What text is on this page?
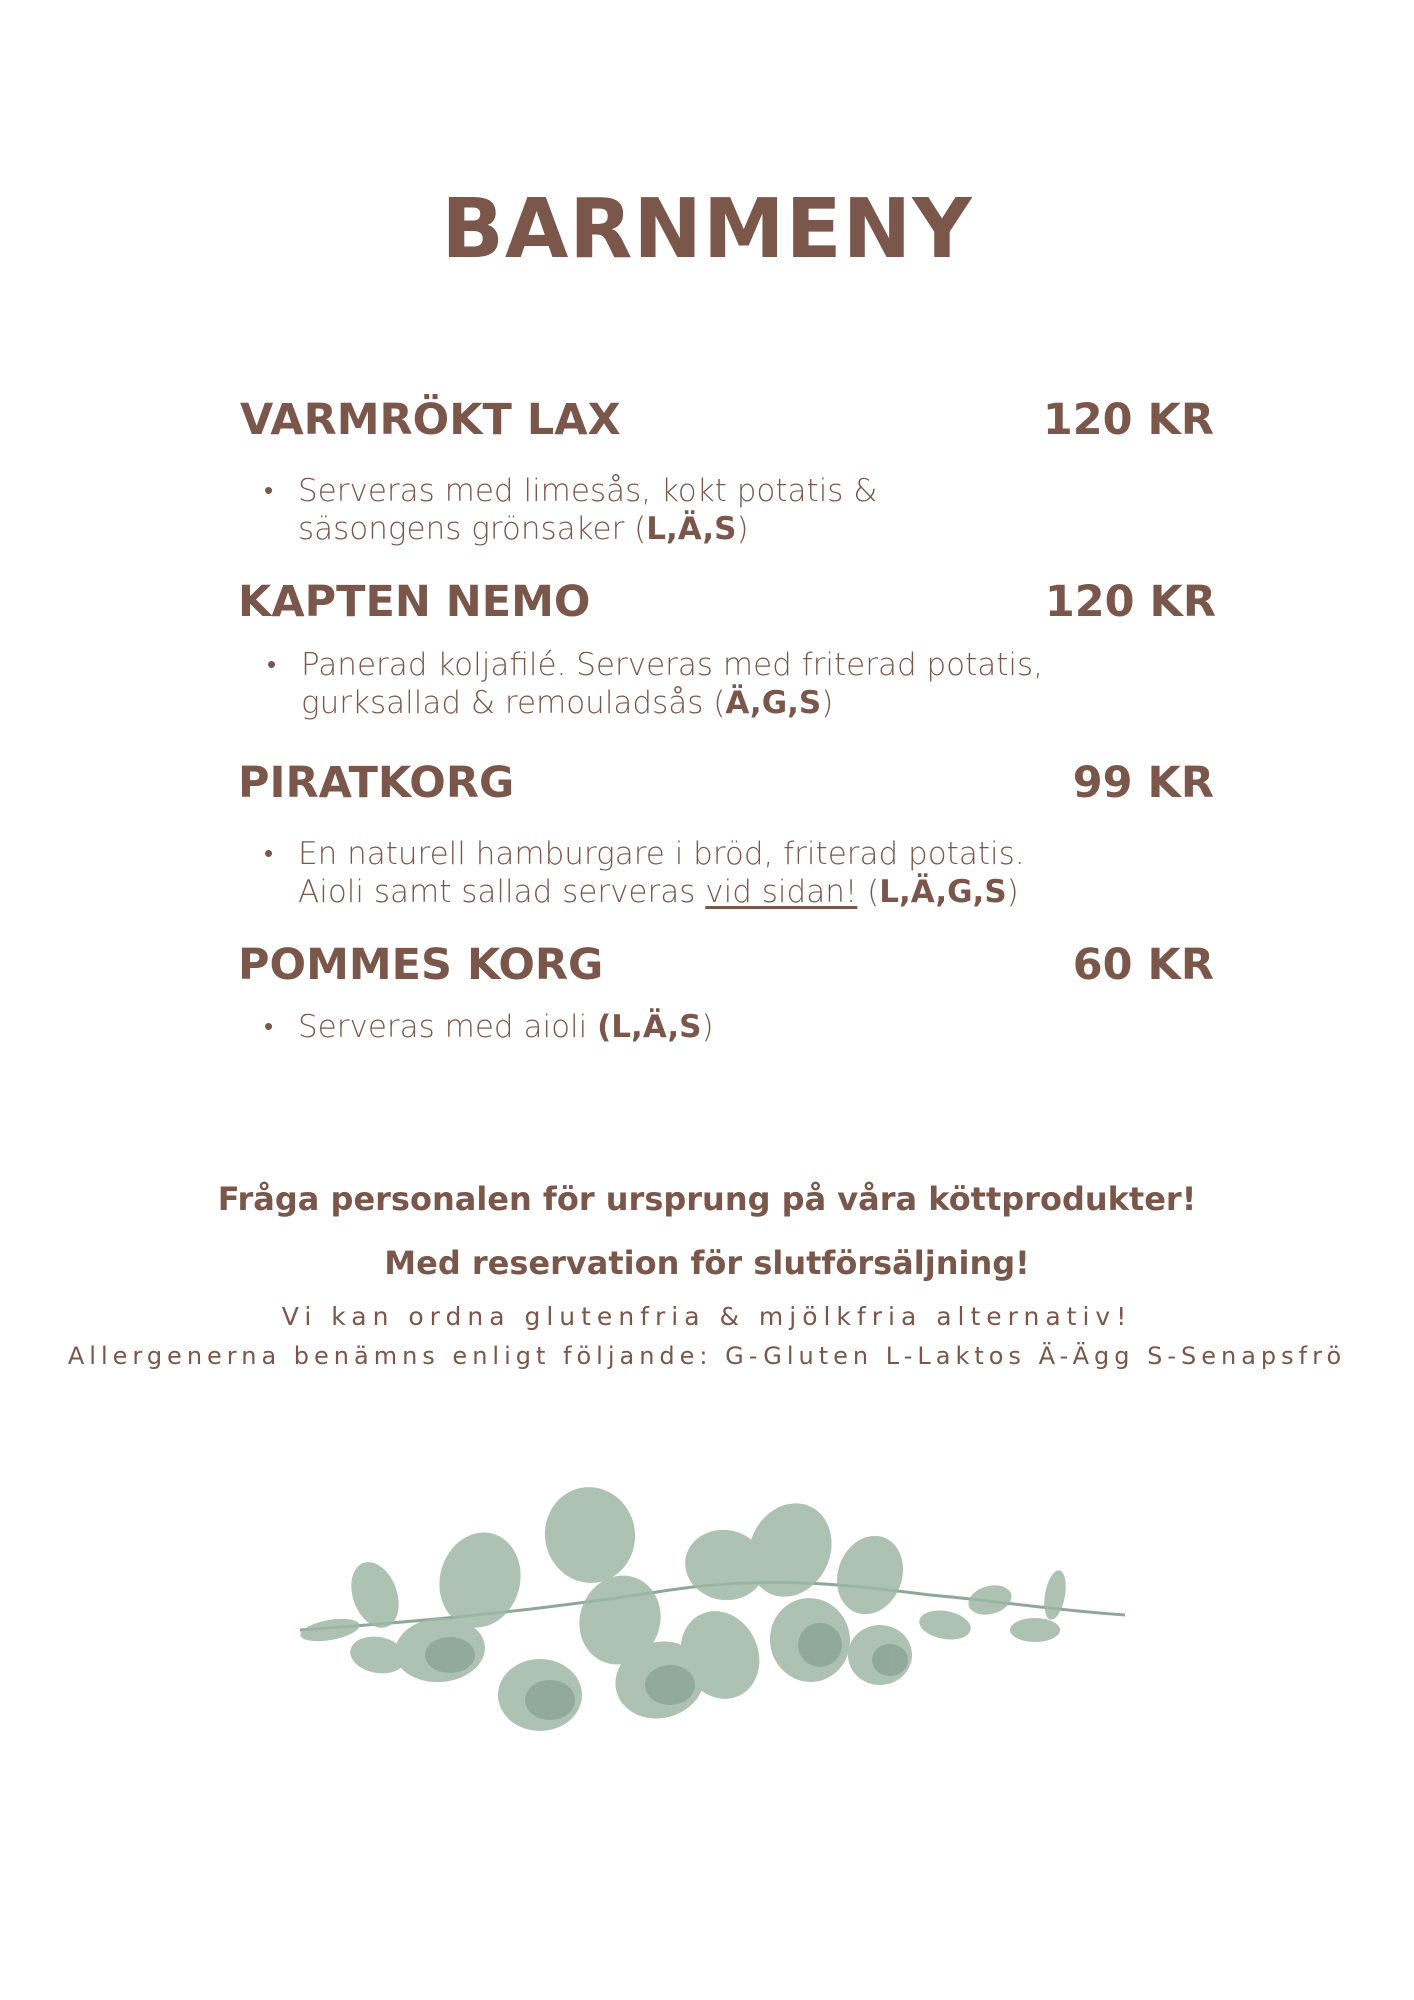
BARNMENY
VARMRÖKT LAX	120 KR
• Serveras med limesås, kokt potatis &
säsongens grönsaker (L,Ä,S)
KAPTEN NEMO	120 KR
• Panerad koljafilé. Serveras med friterad potatis,
gurksallad & remouladsås (Ä,G,S)
PIRATKORG	99 KR
• En naturell hamburgare i bröd, friterad potatis.
Aioli samt sallad serveras vid sidan! (L,Ä,G,S)
POMMES KORG	60 KR
• Serveras med aioli (L,Ä,S)
Fråga personalen för ursprung på våra köttprodukter!
Med reservation för slutförsäljning!
Vi kan ordna glutenfria & mjölkfria alternativ!
Allergenerna benämns enligt följande: G-Gluten L-Laktos Ä-Ägg S-Senapsfrö
